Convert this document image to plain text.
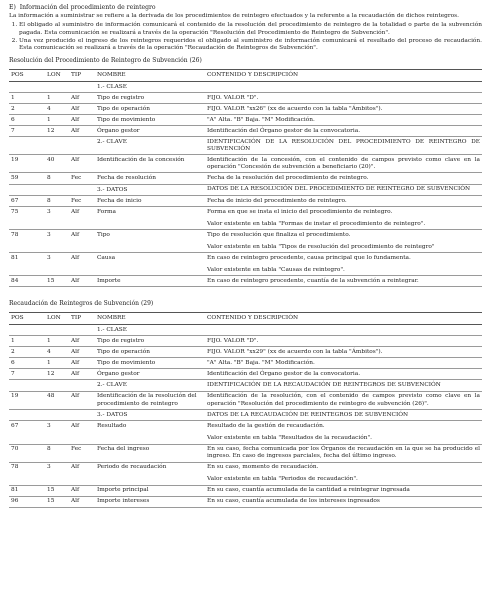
E)  Información del procedimiento de reintegro
La información a suministrar se refiere a la derivada de los procedimientos de reintegro efectuados y la referente a la recaudación de dichos reintegros.
1. El obligado al suministro de información comunicará el contenido de la resolución del procedimiento de reintegro de la totalidad o parte de la subvención pagada. Esta comunicación se realizará a través de la operación "Resolución del Procedimiento de Reintegro de Subvención".
2. Una vez producido el ingreso de los reintegros requeridos el obligado al suministro de información comunicará el resultado del proceso de recaudación. Esta comunicación se realizará a través de la operación "Recaudación de Reintegros de Subvención".
Resolución del Procedimiento de Reintegro de Subvención (26)
POS	LON	TIP	NOMBRE	CONTENIDO Y DESCRIPCIÓN
			1.- CLASE	

1	1	Alf	Tipo de registro	FIJO. VALOR "D".

2	4	Alf	Tipo de operación	FIJO. VALOR "xx26" (xx de acuerdo con la tabla "Ámbitos").

6	1	Alf	Tipo de movimiento	"A" Alta. "B" Baja. "M" Modificación.

7	12	Alf	Órgano gestor	Identificación del Órgano gestor de la convocatoria.

			2.- CLAVE	IDENTIFICACIÓN DE LA RESOLUCIÓN DEL PROCEDIMIENTO DE REINTEGRO DE SUBVENCIÓN

19	40	Alf	Identificación de la concesión	Identificación de la concesión, con el contenido de campos previsto como clave en la operación "Concesión de subvención a beneficiario (20)".

59	8	Fec	Fecha de resolución	Fecha de la resolución del procedimiento de reintegro.

			3.- DATOS	DATOS DE LA RESOLUCIÓN DEL PROCEDIMIENTO DE REINTEGRO DE SUBVENCIÓN

67	8	Fec	Fecha de inicio	Fecha de inicio del procedimiento de reintegro.

75	3	Alf	Forma	Forma en que se insta el inicio del procedimiento de reintegro.

Valor existente en tabla "Formas de instar el procedimiento de reintegro".

78	3	Alf	Tipo	Tipo de resolución que finaliza el procedimiento.

Valor existente en tabla "Tipos de resolución del procedimiento de reintegro"

81	3	Alf	Causa	En caso de reintegro procedente, causa principal que lo fundamenta.

Valor existente en tabla "Causas de reintegro".

84	15	Alf	Importe	En caso de reintegro procedente, cuantía de la subvención a reintegrar.

Recaudación de Reintegros de Subvención (29)
POS	LON	TIP	NOMBRE	CONTENIDO Y DESCRIPCIÓN
			1.- CLASE	

1	1	Alf	Tipo de registro	FIJO. VALOR "D".

2	4	Alf	Tipo de operación	FIJO. VALOR "xx29" (xx de acuerdo con la tabla "Ámbitos").

6	1	Alf	Tipo de movimiento	"A" Alta. "B" Baja. "M" Modificación.

7	12	Alf	Órgano gestor	Identificación del Órgano gestor de la convocatoria.

			2.- CLAVE	IDENTIFICACIÓN DE LA RECAUDACIÓN DE REINTEGROS DE SUBVENCIÓN

19	48	Alf	Identificación de la resolución del procedimiento de reintegro	Identificación de la resolución, con el contenido de campos previsto como clave en la operación "Resolución del procedimiento de reintegro de subvención (26)".

			3.- DATOS	DATOS DE LA RECAUDACIÓN DE REINTEGROS DE SUBVENCIÓN

67	3	Alf	Resultado	Resultado de la gestión de recaudación.

Valor existente en tabla "Resultados de la recaudación".

70	8	Fec	Fecha del ingreso	En su caso, fecha comunicada por los Órganos de recaudación en la que se ha producido el ingreso. En caso de ingresos parciales, fecha del último ingreso.

78	3	Alf	Periodo de recaudación	En su caso, momento de recaudación.

Valor existente en tabla "Periodos de recaudación".

81	15	Alf	Importe principal	En su caso, cuantía acumulada de la cantidad a reintegrar ingresada

96	15	Alf	Importe intereses	En su caso, cuantía acumulada de los intereses ingresados
